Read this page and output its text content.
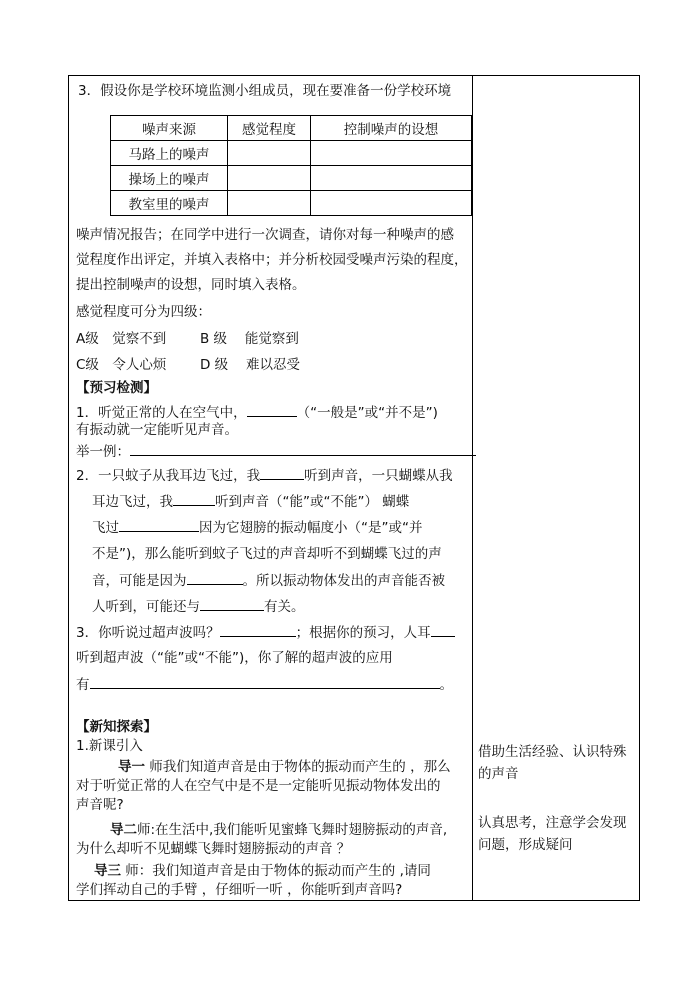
3．假设你是学校环境监测小组成员，现在要准备一份学校环境
噪声来源	感觉程度	控制噪声的设想
马路上的噪声		
操场上的噪声		
教室里的噪声		
噪声情况报告；在同学中进行一次调查，请你对每一种噪声的感
觉程度作出评定，并填入表格中；并分析校园受噪声污染的程度，
提出控制噪声的设想，同时填入表格。
感觉程度可分为四级：
A级　觉察不到	B 级　 能觉察到
C级　令人心烦 D 级　 难以忍受
【预习检测】
1．听觉正常的人在空气中，	（“一般是”或“并不是”)
有振动就一定能听见声音。
举一例：
2．一只蚊子从我耳边飞过，我	听到声音，一只蝴蝶从我
耳边飞过，我	听到声音（“能”或“不能”） 蝴蝶
飞过	因为它翅膀的振动幅度小（“是”或“并
不是”)，那么能听到蚊子飞过的声音却听不到蝴蝶飞过的声
音，可能是因为	。所以振动物体发出的声音能否被
人听到，可能还与	有关。
3．你听说过超声波吗？	；根据你的预习，人耳
听到超声波（“能”或“不能”)，你了解的超声波的应用
有	。
【新知探索】
1.新课引入
导一 师我们知道声音是由于物体的振动而产生的 ，那么
对于听觉正常的人在空气中是不是一定能听见振动物体发出的
声音呢?
导二师:在生活中,我们能听见蜜蜂飞舞时翅膀振动的声音,
为什么却听不见蝴蝶飞舞时翅膀振动的声音 ？
导三 师：我们知道声音是由于物体的振动而产生的 ,请同
学们挥动自己的手臂 ，仔细听一听 ，你能听到声音吗?
借助生活经验、认识特殊的声音
认真思考，注意学会发现问题，形成疑问
